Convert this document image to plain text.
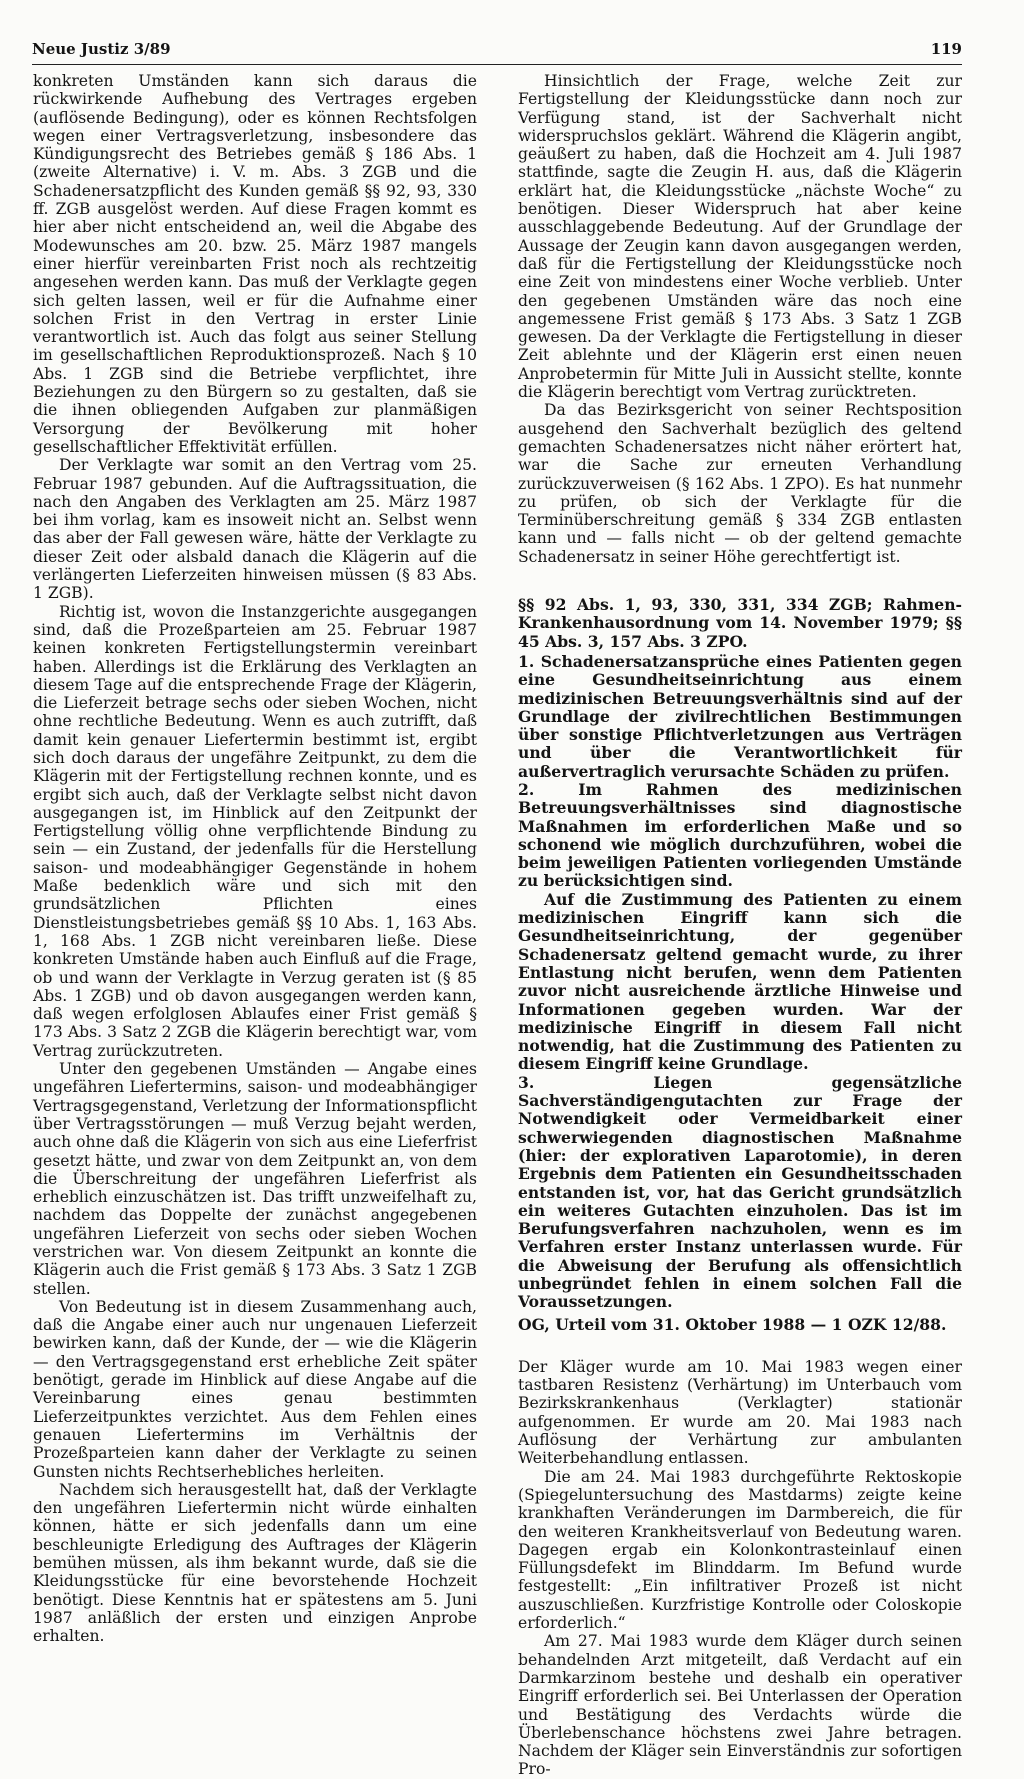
Neue Justiz 3/89	119

konkreten Umständen kann sich daraus die rückwirkende Aufhebung des Vertrages ergeben (auflösende Bedingung), oder es können Rechtsfolgen wegen einer Vertragsverletzung, insbesondere das Kündigungsrecht des Betriebes gemäß § 186 Abs. 1 (zweite Alternative) i. V. m. Abs. 3 ZGB und die Schadenersatzpflicht des Kunden gemäß §§ 92, 93, 330 ff. ZGB ausgelöst werden. Auf diese Fragen kommt es hier aber nicht entscheidend an, weil die Abgabe des Modewunsches am 20. bzw. 25. März 1987 mangels einer hierfür vereinbarten Frist noch als rechtzeitig angesehen werden kann. Das muß der Verklagte gegen sich gelten lassen, weil er für die Aufnahme einer solchen Frist in den Vertrag in erster Linie verantwortlich ist. Auch das folgt aus seiner Stellung im gesellschaftlichen Reproduktionsprozeß. Nach § 10 Abs. 1 ZGB sind die Betriebe verpflichtet, ihre Beziehungen zu den Bürgern so zu gestalten, daß sie die ihnen obliegenden Aufgaben zur planmäßigen Versorgung der Bevölkerung mit hoher gesellschaftlicher Effektivität erfüllen.

Der Verklagte war somit an den Vertrag vom 25. Februar 1987 gebunden. Auf die Auftragssituation, die nach den Angaben des Verklagten am 25. März 1987 bei ihm vorlag, kam es insoweit nicht an. Selbst wenn das aber der Fall gewesen wäre, hätte der Verklagte zu dieser Zeit oder alsbald danach die Klägerin auf die verlängerten Lieferzeiten hinweisen müssen (§ 83 Abs. 1 ZGB).

Richtig ist, wovon die Instanzgerichte ausgegangen sind, daß die Prozeßparteien am 25. Februar 1987 keinen konkreten Fertigstellungstermin vereinbart haben. Allerdings ist die Erklärung des Verklagten an diesem Tage auf die entsprechende Frage der Klägerin, die Lieferzeit betrage sechs oder sieben Wochen, nicht ohne rechtliche Bedeutung. Wenn es auch zutrifft, daß damit kein genauer Liefertermin bestimmt ist, ergibt sich doch daraus der ungefähre Zeitpunkt, zu dem die Klägerin mit der Fertigstellung rechnen konnte, und es ergibt sich auch, daß der Verklagte selbst nicht davon ausgegangen ist, im Hinblick auf den Zeitpunkt der Fertigstellung völlig ohne verpflichtende Bindung zu sein — ein Zustand, der jedenfalls für die Herstellung saison- und modeabhängiger Gegenstände in hohem Maße bedenklich wäre und sich mit den grundsätzlichen Pflichten eines Dienstleistungsbetriebes gemäß §§ 10 Abs. 1, 163 Abs. 1, 168 Abs. 1 ZGB nicht vereinbaren ließe. Diese konkreten Umstände haben auch Einfluß auf die Frage, ob und wann der Verklagte in Verzug geraten ist (§ 85 Abs. 1 ZGB) und ob davon ausgegangen werden kann, daß wegen erfolglosen Ablaufes einer Frist gemäß § 173 Abs. 3 Satz 2 ZGB die Klägerin berechtigt war, vom Vertrag zurückzutreten.

Unter den gegebenen Umständen — Angabe eines ungefähren Liefertermins, saison- und modeabhängiger Vertragsgegenstand, Verletzung der Informationspflicht über Vertragsstörungen — muß Verzug bejaht werden, auch ohne daß die Klägerin von sich aus eine Lieferfrist gesetzt hätte, und zwar von dem Zeitpunkt an, von dem die Überschreitung der ungefähren Lieferfrist als erheblich einzuschätzen ist. Das trifft unzweifelhaft zu, nachdem das Doppelte der zunächst angegebenen ungefähren Lieferzeit von sechs oder sieben Wochen verstrichen war. Von diesem Zeitpunkt an konnte die Klägerin auch die Frist gemäß § 173 Abs. 3 Satz 1 ZGB stellen.

Von Bedeutung ist in diesem Zusammenhang auch, daß die Angabe einer auch nur ungenauen Lieferzeit bewirken kann, daß der Kunde, der — wie die Klägerin — den Vertragsgegenstand erst erhebliche Zeit später benötigt, gerade im Hinblick auf diese Angabe auf die Vereinbarung eines genau bestimmten Lieferzeitpunktes verzichtet. Aus dem Fehlen eines genauen Liefertermins im Verhältnis der Prozeßparteien kann daher der Verklagte zu seinen Gunsten nichts Rechtserhebliches herleiten.

Nachdem sich herausgestellt hat, daß der Verklagte den ungefähren Liefertermin nicht würde einhalten können, hätte er sich jedenfalls dann um eine beschleunigte Erledigung des Auftrages der Klägerin bemühen müssen, als ihm bekannt wurde, daß sie die Kleidungsstücke für eine bevorstehende Hochzeit benötigt. Diese Kenntnis hat er spätestens am 5. Juni 1987 anläßlich der ersten und einzigen Anprobe erhalten.

Hinsichtlich der Frage, welche Zeit zur Fertigstellung der Kleidungsstücke dann noch zur Verfügung stand, ist der Sachverhalt nicht widerspruchslos geklärt. Während die Klägerin angibt, geäußert zu haben, daß die Hochzeit am 4. Juli 1987 stattfinde, sagte die Zeugin H. aus, daß die Klägerin erklärt hat, die Kleidungsstücke „nächste Woche“ zu benötigen. Dieser Widerspruch hat aber keine ausschlaggebende Bedeutung. Auf der Grundlage der Aussage der Zeugin kann davon ausgegangen werden, daß für die Fertigstellung der Kleidungsstücke noch eine Zeit von mindestens einer Woche verblieb. Unter den gegebenen Umständen wäre das noch eine angemessene Frist gemäß § 173 Abs. 3 Satz 1 ZGB gewesen. Da der Verklagte die Fertigstellung in dieser Zeit ablehnte und der Klägerin erst einen neuen Anprobetermin für Mitte Juli in Aussicht stellte, konnte die Klägerin berechtigt vom Vertrag zurücktreten.

Da das Bezirksgericht von seiner Rechtsposition ausgehend den Sachverhalt bezüglich des geltend gemachten Schadenersatzes nicht näher erörtert hat, war die Sache zur erneuten Verhandlung zurückzuverweisen (§ 162 Abs. 1 ZPO). Es hat nunmehr zu prüfen, ob sich der Verklagte für die Terminüberschreitung gemäß § 334 ZGB entlasten kann und — falls nicht — ob der geltend gemachte Schadenersatz in seiner Höhe gerechtfertigt ist.

§§ 92 Abs. 1, 93, 330, 331, 334 ZGB; Rahmen-Krankenhausordnung vom 14. November 1979; §§ 45 Abs. 3, 157 Abs. 3 ZPO.

1. Schadenersatzansprüche eines Patienten gegen eine Gesundheitseinrichtung aus einem medizinischen Betreuungsverhältnis sind auf der Grundlage der zivilrechtlichen Bestimmungen über sonstige Pflichtverletzungen aus Verträgen und über die Verantwortlichkeit für außervertraglich verursachte Schäden zu prüfen.

2. Im Rahmen des medizinischen Betreuungsverhältnisses sind diagnostische Maßnahmen im erforderlichen Maße und so schonend wie möglich durchzuführen, wobei die beim jeweiligen Patienten vorliegenden Umstände zu berücksichtigen sind.

Auf die Zustimmung des Patienten zu einem medizinischen Eingriff kann sich die Gesundheitseinrichtung, der gegenüber Schadenersatz geltend gemacht wurde, zu ihrer Entlastung nicht berufen, wenn dem Patienten zuvor nicht ausreichende ärztliche Hinweise und Informationen gegeben wurden. War der medizinische Eingriff in diesem Fall nicht notwendig, hat die Zustimmung des Patienten zu diesem Eingriff keine Grundlage.

3. Liegen gegensätzliche Sachverständigengutachten zur Frage der Notwendigkeit oder Vermeidbarkeit einer schwerwiegenden diagnostischen Maßnahme (hier: der explorativen Laparotomie), in deren Ergebnis dem Patienten ein Gesundheitsschaden entstanden ist, vor, hat das Gericht grundsätzlich ein weiteres Gutachten einzuholen. Das ist im Berufungsverfahren nachzuholen, wenn es im Verfahren erster Instanz unterlassen wurde. Für die Abweisung der Berufung als offensichtlich unbegründet fehlen in einem solchen Fall die Voraussetzungen.

OG, Urteil vom 31. Oktober 1988 — 1 OZK 12/88.

Der Kläger wurde am 10. Mai 1983 wegen einer tastbaren Resistenz (Verhärtung) im Unterbauch vom Bezirkskrankenhaus (Verklagter) stationär aufgenommen. Er wurde am 20. Mai 1983 nach Auflösung der Verhärtung zur ambulanten Weiterbehandlung entlassen.

Die am 24. Mai 1983 durchgeführte Rektoskopie (Spiegeluntersuchung des Mastdarms) zeigte keine krankhaften Veränderungen im Darmbereich, die für den weiteren Krankheitsverlauf von Bedeutung waren. Dagegen ergab ein Kolonkontrasteinlauf einen Füllungsdefekt im Blinddarm. Im Befund wurde festgestellt: „Ein infiltrativer Prozeß ist nicht auszuschließen. Kurzfristige Kontrolle oder Coloskopie erforderlich.“

Am 27. Mai 1983 wurde dem Kläger durch seinen behandelnden Arzt mitgeteilt, daß Verdacht auf ein Darmkarzinom bestehe und deshalb ein operativer Eingriff erforderlich sei. Bei Unterlassen der Operation und Bestätigung des Verdachts würde die Überlebenschance höchstens zwei Jahre betragen. Nachdem der Kläger sein Einverständnis zur sofortigen Pro-
